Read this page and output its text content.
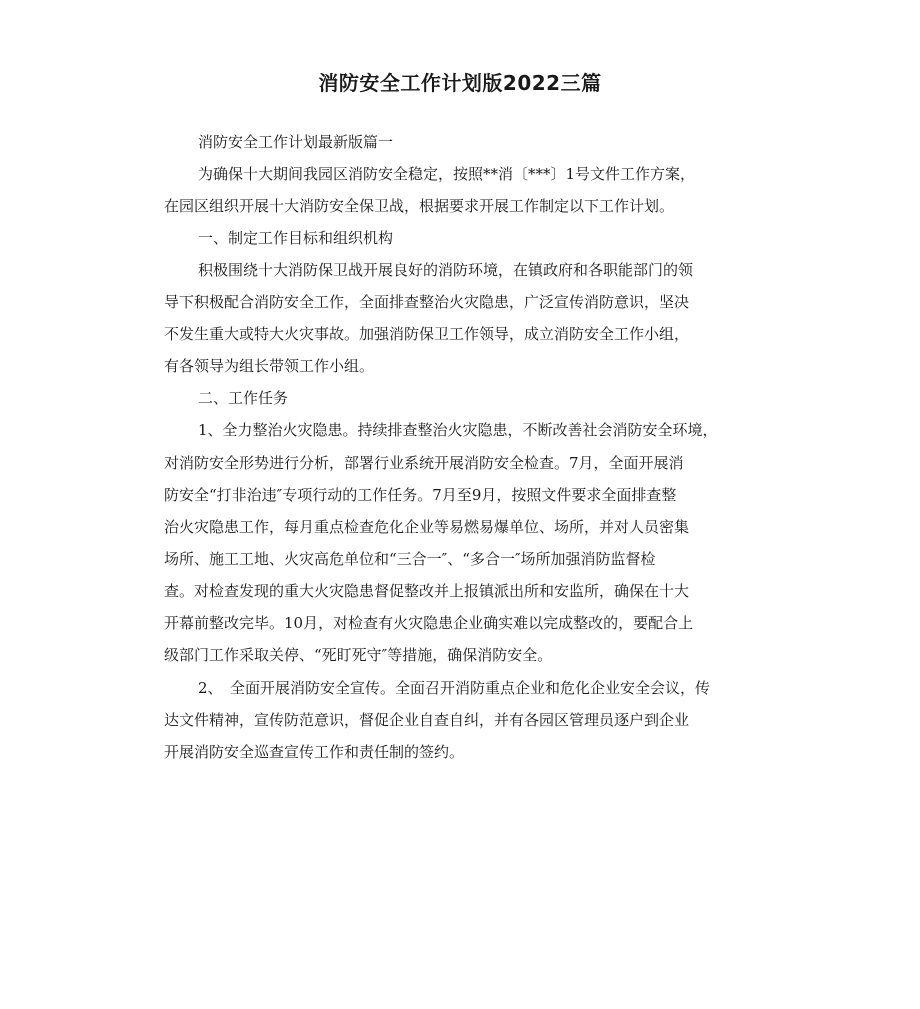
消防安全工作计划版2022三篇
消防安全工作计划最新版篇一
为确保十大期间我园区消防安全稳定，按照**消〔***〕1号文件工作方案，
在园区组织开展十大消防安全保卫战，根据要求开展工作制定以下工作计划。
一、制定工作目标和组织机构
积极围绕十大消防保卫战开展良好的消防环境，在镇政府和各职能部门的领
导下积极配合消防安全工作，全面排查整治火灾隐患，广泛宣传消防意识，坚决
不发生重大或特大火灾事故。加强消防保卫工作领导，成立消防安全工作小组，
有各领导为组长带领工作小组。
二、工作任务
1、全力整治火灾隐患。持续排查整治火灾隐患，不断改善社会消防安全环境，
对消防安全形势进行分析，部署行业系统开展消防安全检查。7月，全面开展消
防安全“打非治违″专项行动的工作任务。7月至9月，按照文件要求全面排查整
治火灾隐患工作，每月重点检查危化企业等易燃易爆单位、场所，并对人员密集
场所、施工工地、火灾高危单位和“三合一″、“多合一″场所加强消防监督检
查。对检查发现的重大火灾隐患督促整改并上报镇派出所和安监所，确保在十大
开幕前整改完毕。10月，对检查有火灾隐患企业确实难以完成整改的，要配合上
级部门工作采取关停、“死盯死守″等措施，确保消防安全。
2、　全面开展消防安全宣传。全面召开消防重点企业和危化企业安全会议，传
达文件精神，宣传防范意识，督促企业自查自纠，并有各园区管理员逐户到企业
开展消防安全巡查宣传工作和责任制的签约。
